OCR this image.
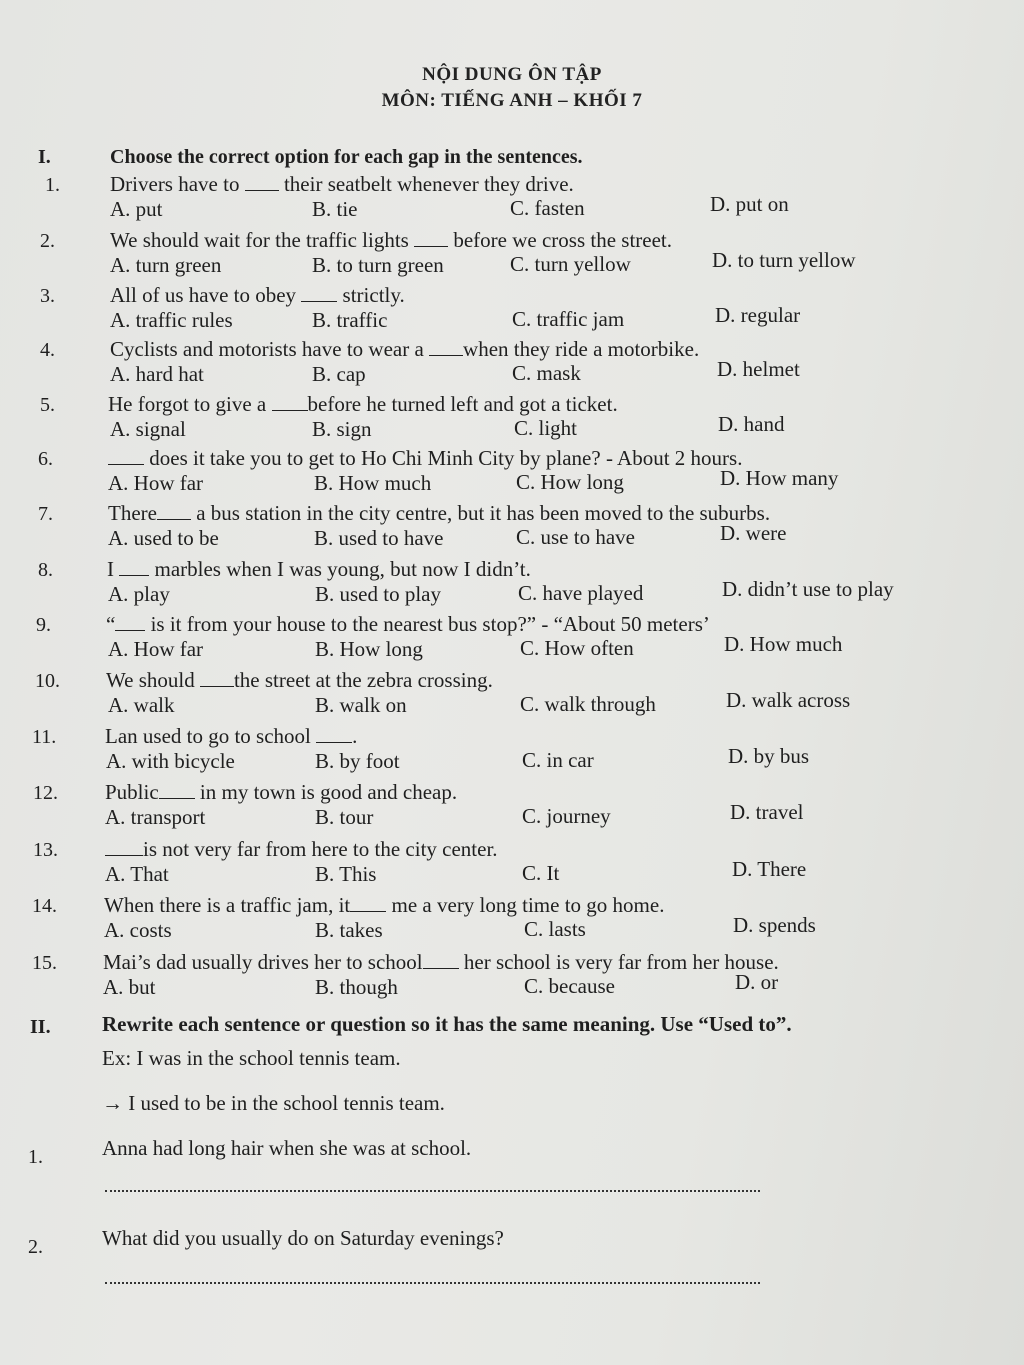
NỘI DUNG ÔN TẬP
MÔN: TIẾNG ANH – KHỐI 7
I.	Choose the correct option for each gap in the sentences.
1. Drivers have to  their seatbelt whenever they drive.
A. put	B. tie	C. fasten	D. put on
2.	We should wait for the traffic lights  before we cross the street.
A. turn green	B. to turn green	C. turn yellow	D. to turn yellow
3.	All of us have to obey  strictly.
A. traffic rules	B. traffic	C. traffic jam	D. regular
4.	Cyclists and motorists have to wear a when they ride a motorbike.
A. hard hat	B. cap	C. mask	D. helmet
5.	He forgot to give a before he turned left and got a ticket.
A. signal	B. sign	C. light	D. hand
6.	does it take you to get to Ho Chi Minh City by plane? - About 2 hours.
A. How far	B. How much	C. How long	D. How many
7.	There a bus station in the city centre, but it has been moved to the suburbs.
A. used to be	B. used to have	C. use to have	D. were
8.	I  marbles when I was young, but now I didn’t.
A. play	B. used to play	C. have played	D. didn’t use to play
9.	“ is it from your house to the nearest bus stop?” - “About 50 meters’
A. How far	B. How long	C. How often	D. How much
10. We should the street at the zebra crossing.
A. walk	B. walk on	C. walk through	D. walk across
11. Lan used to go to school .
A. with bicycle	B. by foot	C. in car	D. by bus
12. Public in my town is good and cheap.
A. transport	B. tour	C. journey	D. travel
13.	is not very far from here to the city center.
A. That	B. This	C. It	D. There
14. When there is a traffic jam, it me a very long time to go home.
A. costs	B. takes	C. lasts	D. spends
15. Mai’s dad usually drives her to school her school is very far from her house.
A. but	B. though	C. because	D. or
II. Rewrite each sentence or question so it has the same meaning. Use “Used to”.
Ex: I was in the school tennis team.
→ I used to be in the school tennis team.
1.	Anna had long hair when she was at school.
2.	What did you usually do on Saturday evenings?
